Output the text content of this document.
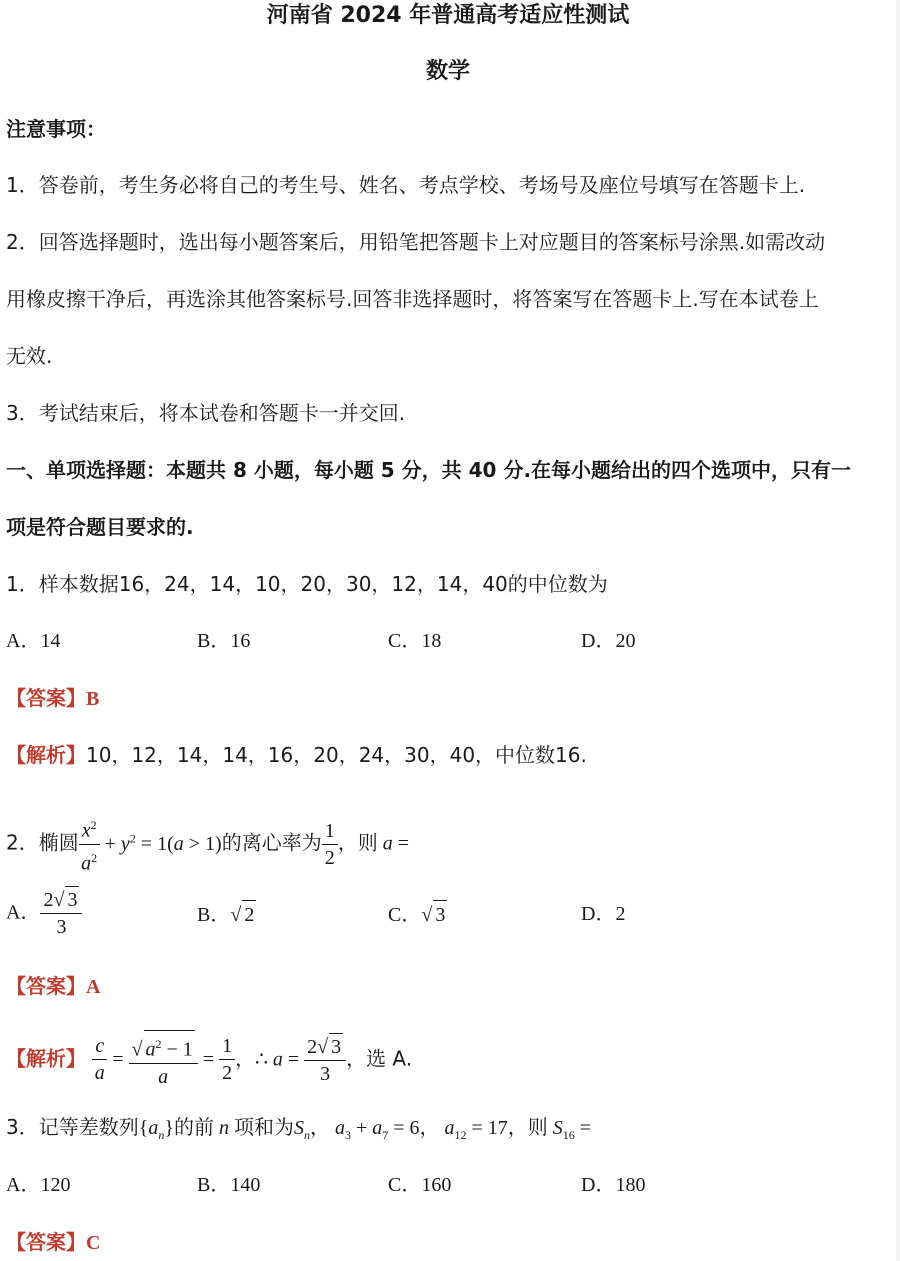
河南省 2024 年普通高考适应性测试
数学
注意事项：
1．答卷前，考生务必将自己的考生号、姓名、考点学校、考场号及座位号填写在答题卡上.
2．回答选择题时，选出每小题答案后，用铅笔把答题卡上对应题目的答案标号涂黑.如需改动
用橡皮擦干净后，再选涂其他答案标号.回答非选择题时，将答案写在答题卡上.写在本试卷上
无效.
3．考试结束后，将本试卷和答题卡一并交回.
一、单项选择题：本题共 8 小题，每小题 5 分，共 40 分.在每小题给出的四个选项中，只有一
项是符合题目要求的.
1．样本数据16，24，14，10，20，30，12，14，40的中位数为
A．14	B．16	C．18	D．20
【答案】B
【解析】10，12，14，14，16，20，24，30，40，中位数16.
2．椭圆 $\frac{x^2}{a^2} + y^2 = 1(a > 1)$的离心率为 $\frac{1}{2}$ ，则 a =
A． $\frac{2√ 3}{3}$	B．√ 2	C．√ 3	D．2
【答案】A
【解析】 $\frac{c}{a} = \frac{√ a^2 - 1}{a} = \frac{1}{2}$ ，∴ $a = \frac{2√ 3}{3}$ ，选 A.
3．记等差数列$\{a_n\}$的前 n 项和为$S_n$， $a_3 + a_7 = 6$， $a_{12} = 17$，则 $S_{16}$ =
A．120	B．140	C．160	D．180
【答案】C
